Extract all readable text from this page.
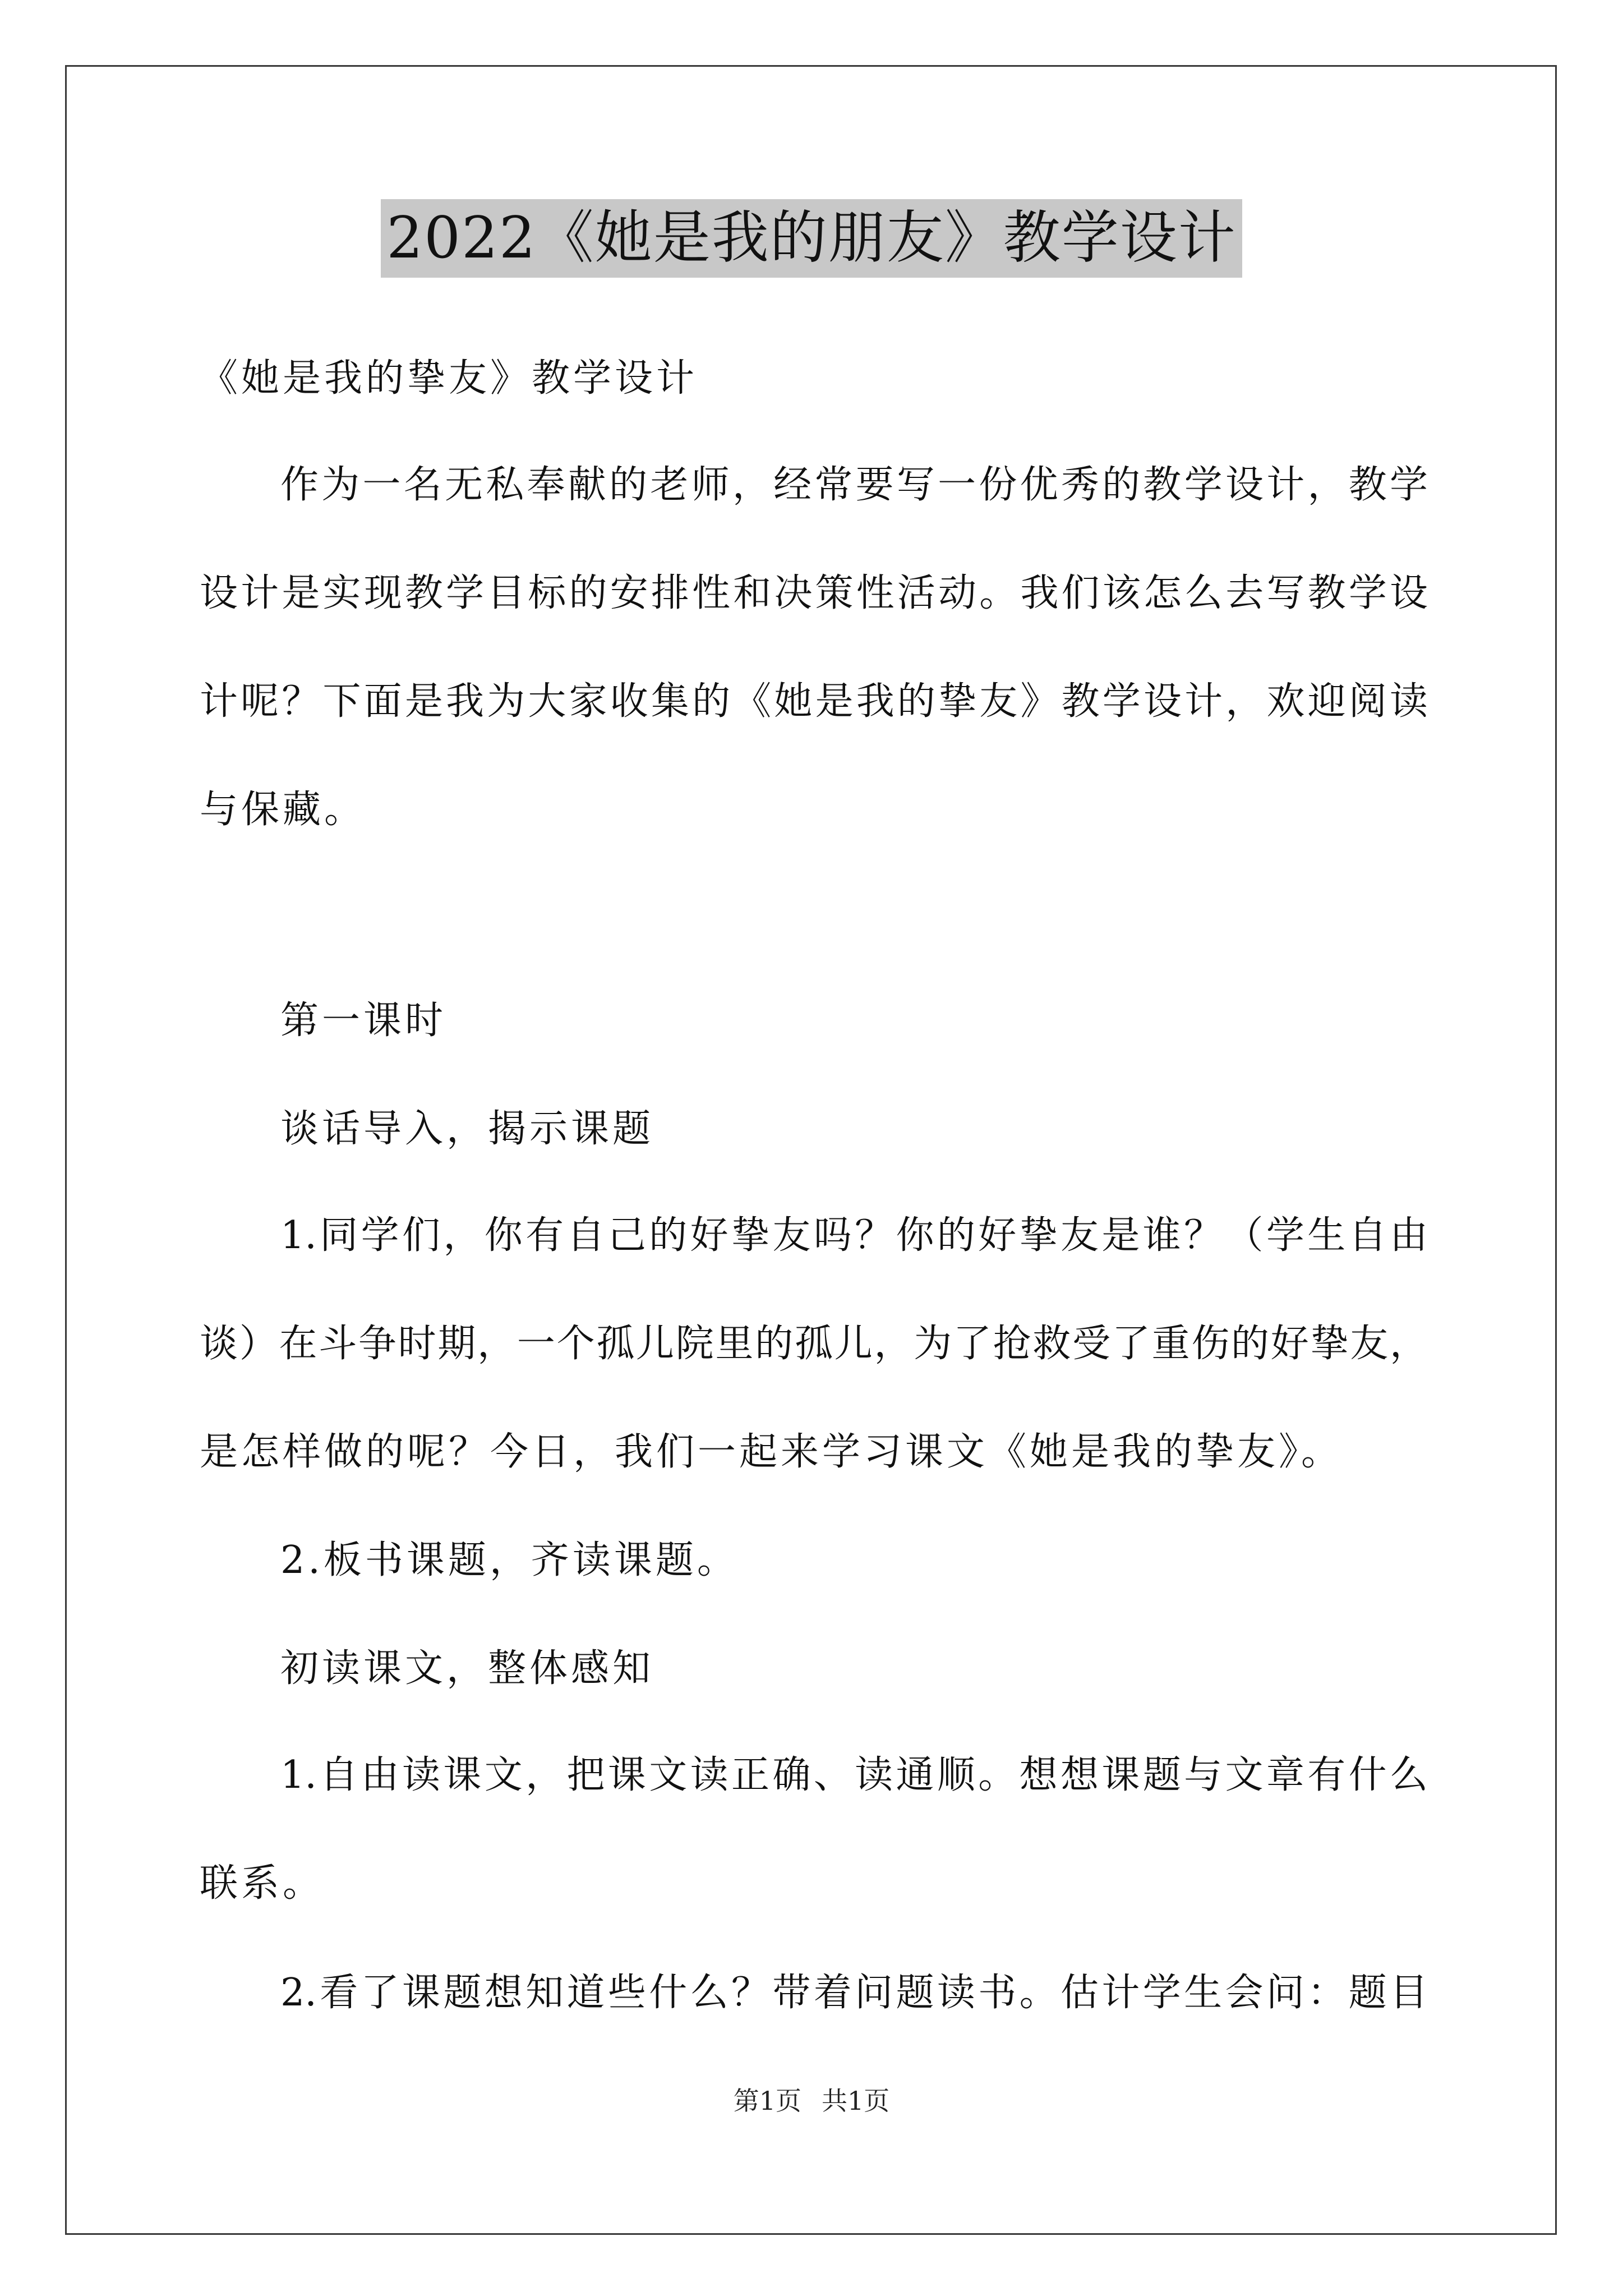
2022《她是我的朋友》教学设计
《她是我的挚友》教学设计
作为一名无私奉献的老师，经常要写一份优秀的教学设计，教学
设计是实现教学目标的安排性和决策性活动。我们该怎么去写教学设
计呢？下面是我为大家收集的《她是我的挚友》教学设计，欢迎阅读
与保藏。
第一课时
谈话导入，揭示课题
1.同学们，你有自己的好挚友吗？你的好挚友是谁？（学生自由
谈）在斗争时期，一个孤儿院里的孤儿，为了抢救受了重伤的好挚友，
是怎样做的呢？今日，我们一起来学习课文《她是我的挚友》。
2.板书课题，齐读课题。
初读课文，整体感知
1.自由读课文，把课文读正确、读通顺。想想课题与文章有什么
联系。
2.看了课题想知道些什么？带着问题读书。估计学生会问：题目
第1页 共1页
